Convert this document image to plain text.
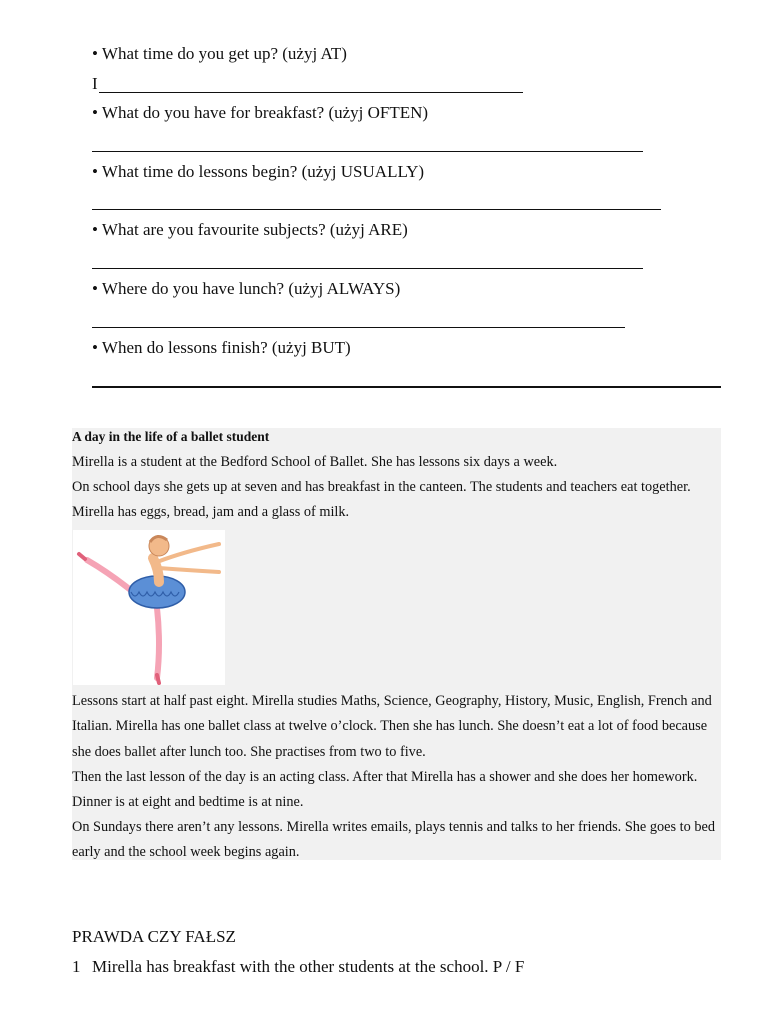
• What time do you get up? (użyj AT)
I
• What do you have for breakfast? (użyj OFTEN)
• What time do lessons begin? (użyj USUALLY)
• What are you favourite subjects? (użyj ARE)
• Where do you have lunch? (użyj ALWAYS)
• When do lessons finish? (użyj BUT)
A day in the life of a ballet student
Mirella is a student at the Bedford School of Ballet. She has lessons six days a week.
On school days she gets up at seven and has breakfast in the canteen. The students and teachers eat together. Mirella has eggs, bread, jam and a glass of milk.
Lessons start at half past eight. Mirella studies Maths, Science, Geography, History, Music, English, French and Italian. Mirella has one ballet class at twelve o’clock. Then she has lunch. She doesn’t eat a lot of food because she does ballet after lunch too. She practises from two to five.
Then the last lesson of the day is an acting class. After that Mirella has a shower and she does her homework. Dinner is at eight and bedtime is at nine.
On Sundays there aren’t any lessons. Mirella writes emails, plays tennis and talks to her friends. She goes to bed early and the school week begins again.
PRAWDA CZY FAŁSZ
1 Mirella has breakfast with the other students at the school. P / F
